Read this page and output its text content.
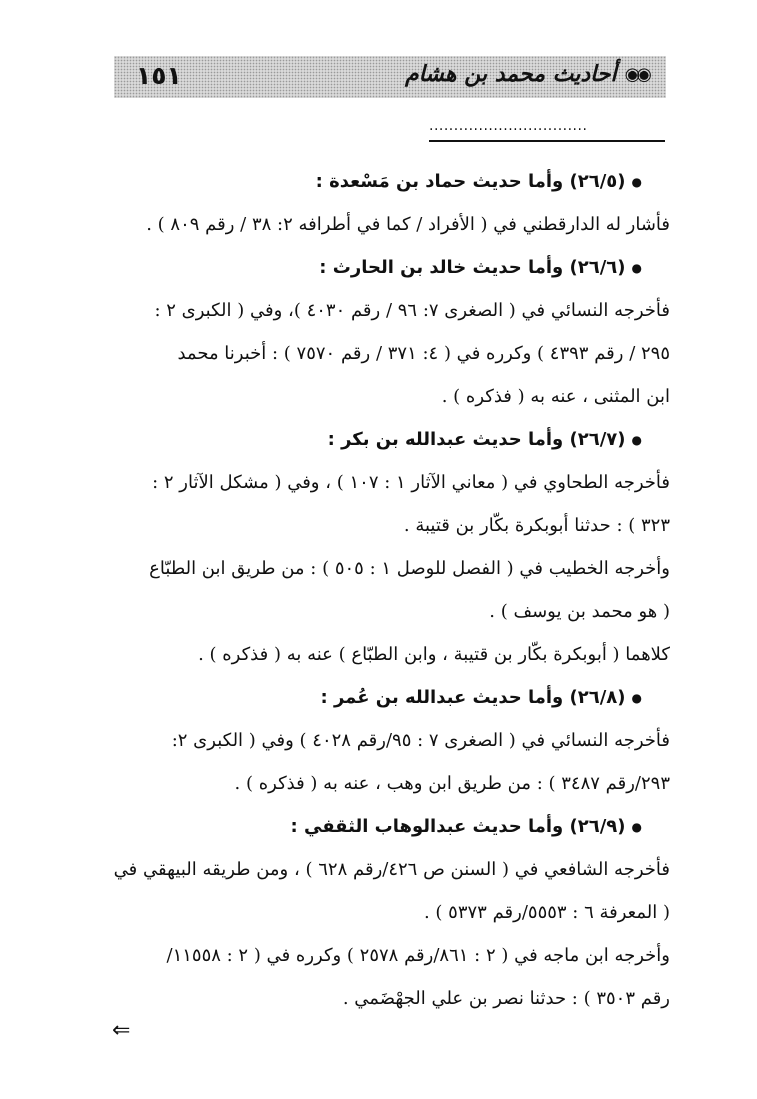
١٥١	◉◉
أحاديث محمد بن هشام
................................
●(٢٦/٥) وأما حديث حماد بن مَسْعدة :
فأشار له الدارقطني في ( الأفراد / كما في أطرافه ٢: ٣٨ / رقم ٨٠٩ ) .
●(٢٦/٦) وأما حديث خالد بن الحارث :
فأخرجه النسائي في ( الصغرى ٧: ٩٦ / رقم ٤٠٣٠ )، وفي ( الكبرى ٢ :
٢٩٥ / رقم ٤٣٩٣ ) وكرره في ( ٤: ٣٧١ / رقم ٧٥٧٠ ) : أخبرنا محمد
ابن المثنى ، عنه به ( فذكره ) .
●(٢٦/٧) وأما حديث عبدالله بن بكر :
فأخرجه الطحاوي في ( معاني الآثار ١ : ١٠٧ ) ، وفي ( مشكل الآثار ٢ :
٣٢٣ ) : حدثنا أبوبكرة بكّار بن قتيبة .
وأخرجه الخطيب في ( الفصل للوصل ١ : ٥٠٥ ) : من طريق ابن الطبّاع
( هو محمد بن يوسف ) .
كلاهما ( أبوبكرة بكّار بن قتيبة ، وابن الطبّاع ) عنه به ( فذكره ) .
●(٢٦/٨) وأما حديث عبدالله بن عُمر :
فأخرجه النسائي في ( الصغرى ٧ : ٩٥/رقم ٤٠٢٨ ) وفي ( الكبرى ٢:
٢٩٣/رقم ٣٤٨٧ ) : من طريق ابن وهب ، عنه به ( فذكره ) .
●(٢٦/٩) وأما حديث عبدالوهاب الثقفي :
فأخرجه الشافعي في ( السنن ص ٤٢٦/رقم ٦٢٨ ) ، ومن طريقه البيهقي في
( المعرفة ٦ : ٥٥٥٣/رقم ٥٣٧٣ ) .
وأخرجه ابن ماجه في ( ٢ : ٨٦١/رقم ٢٥٧٨ ) وكرره في ( ٢ : ١١٥٥٨/
رقم ٣٥٠٣ ) : حدثنا نصر بن علي الجهْضَمي .
⇐
